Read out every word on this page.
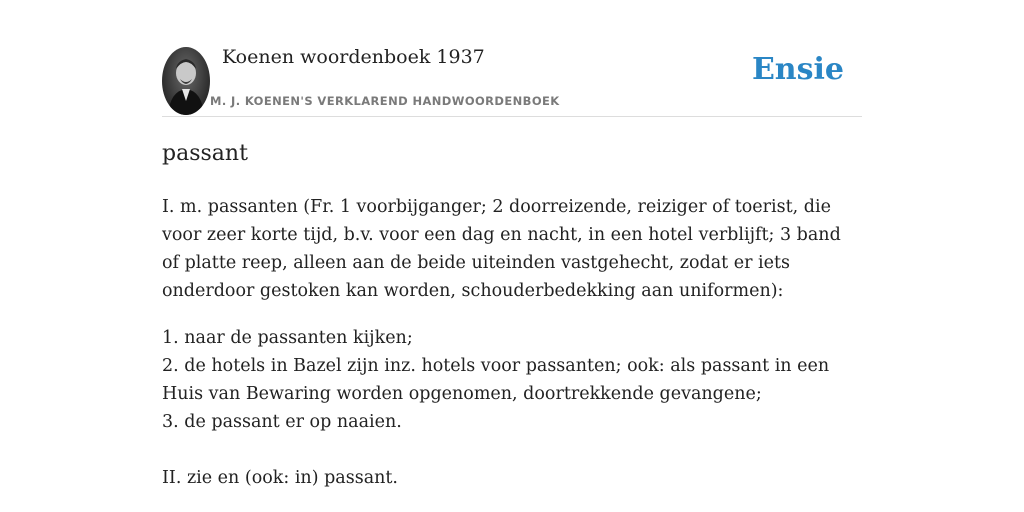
Koenen woordenboek 1937
M. J. KOENEN'S VERKLAREND HANDWOORDENBOEK
Ensie
passant

I. m. passanten (Fr. 1 voorbijganger; 2 doorreizende, reiziger of toerist, die voor zeer korte tijd, b.v. voor een dag en nacht, in een hotel verblijft; 3 band of platte reep, alleen aan de beide uiteinden vastgehecht, zodat er iets onderdoor gestoken kan worden, schouderbedekking aan uniformen):

1. naar de passanten kijken;
2. de hotels in Bazel zijn inz. hotels voor passanten; ook: als passant in een Huis van Bewaring worden opgenomen, doortrekkende gevangene;
3. de passant er op naaien.

II. zie en (ook: in) passant.
